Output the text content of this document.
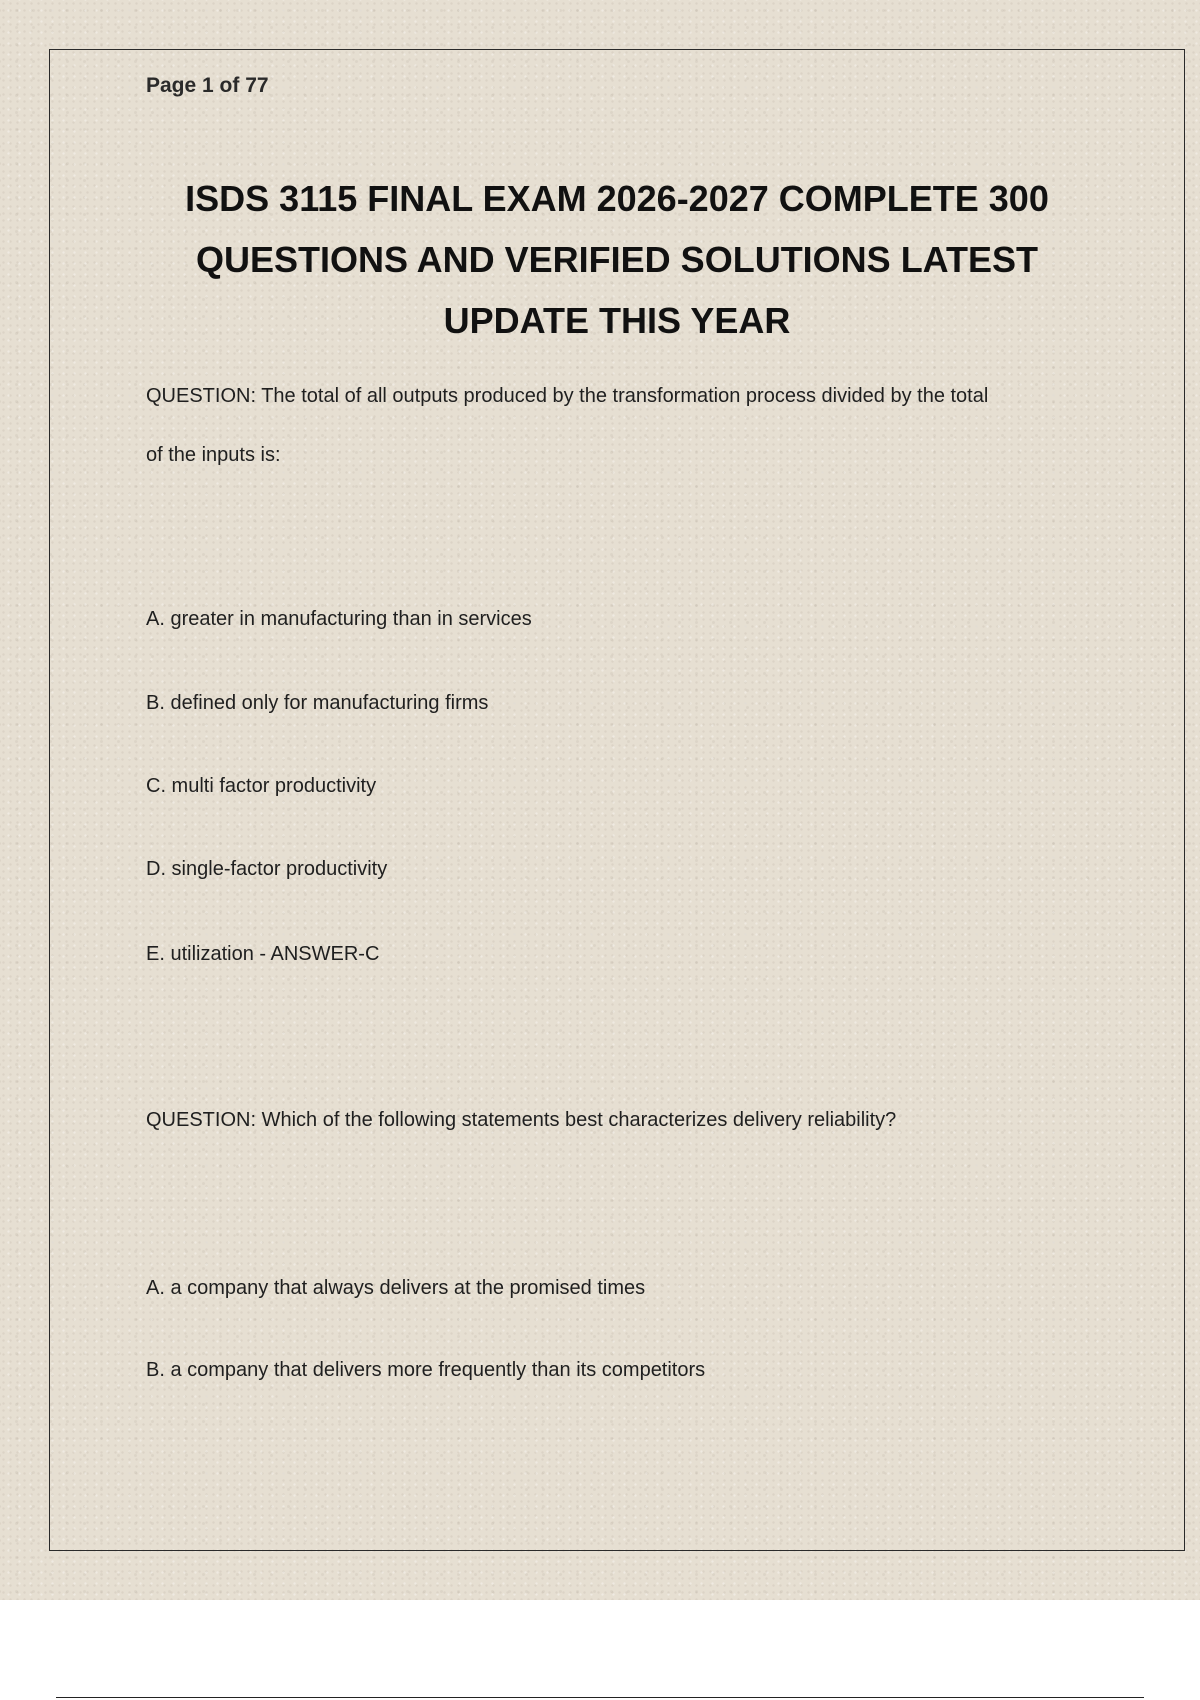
Page 1 of 77
ISDS 3115 FINAL EXAM 2026-2027 COMPLETE 300 QUESTIONS AND VERIFIED SOLUTIONS LATEST UPDATE THIS YEAR
QUESTION: The total of all outputs produced by the transformation process divided by the total
of the inputs is:
A. greater in manufacturing than in services
B. defined only for manufacturing firms
C. multi factor productivity
D. single-factor productivity
E. utilization - ANSWER-C
QUESTION: Which of the following statements best characterizes delivery reliability?
A. a company that always delivers at the promised times
B. a company that delivers more frequently than its competitors
